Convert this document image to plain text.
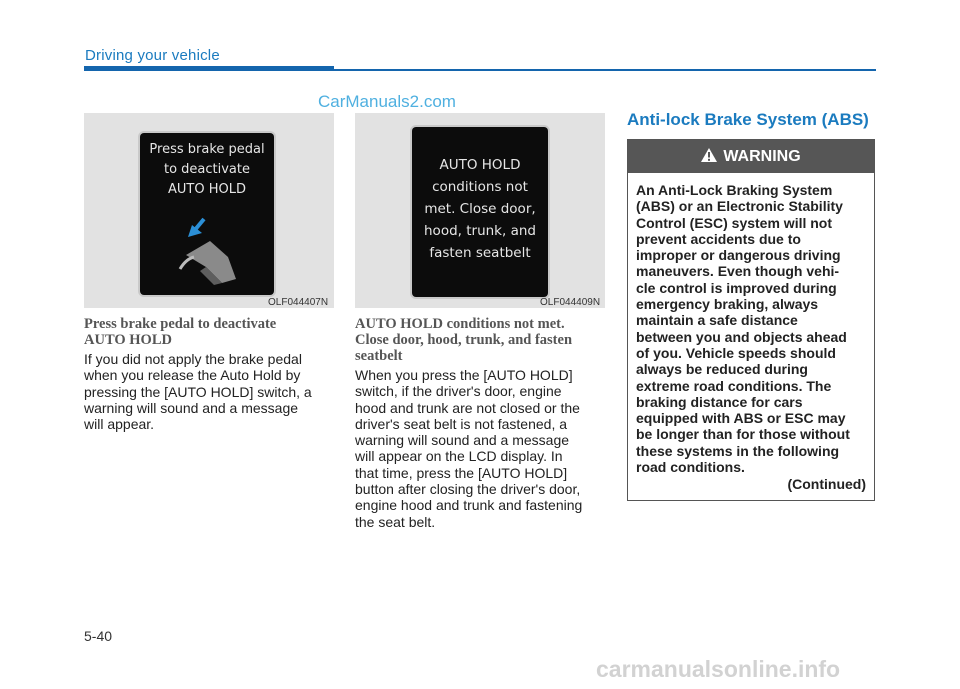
Driving your vehicle
CarManuals2.com
Press brake pedal
to deactivate
AUTO HOLD
OLF044407N
AUTO HOLD
conditions not
met. Close door,
hood, trunk, and
fasten seatbelt
OLF044409N
Press brake pedal to deactivate
AUTO HOLD
If you did not apply the brake pedal
when you release the Auto Hold by
pressing the [AUTO HOLD] switch, a
warning will sound and a message
will appear.
AUTO HOLD conditions not met.
Close door, hood, trunk, and fasten
seatbelt
When you press the [AUTO HOLD]
switch, if the driver's door, engine
hood and trunk are not closed or the
driver's seat belt is not fastened, a
warning will sound and a message
will appear on the LCD display. In
that time, press the [AUTO HOLD]
button after closing the driver's door,
engine hood and trunk and fastening
the seat belt.
Anti-lock Brake System (ABS)
WARNING
An Anti-Lock Braking System
(ABS) or an Electronic Stability
Control (ESC) system will not
prevent accidents due to
improper or dangerous driving
maneuvers. Even though vehi-
cle control is improved during
emergency braking, always
maintain a safe distance
between you and objects ahead
of you. Vehicle speeds should
always be reduced during
extreme road conditions. The
braking distance for cars
equipped with ABS or ESC may
be longer than for those without
these systems in the following
road conditions.
(Continued)
5-40
carmanualsonline.info
